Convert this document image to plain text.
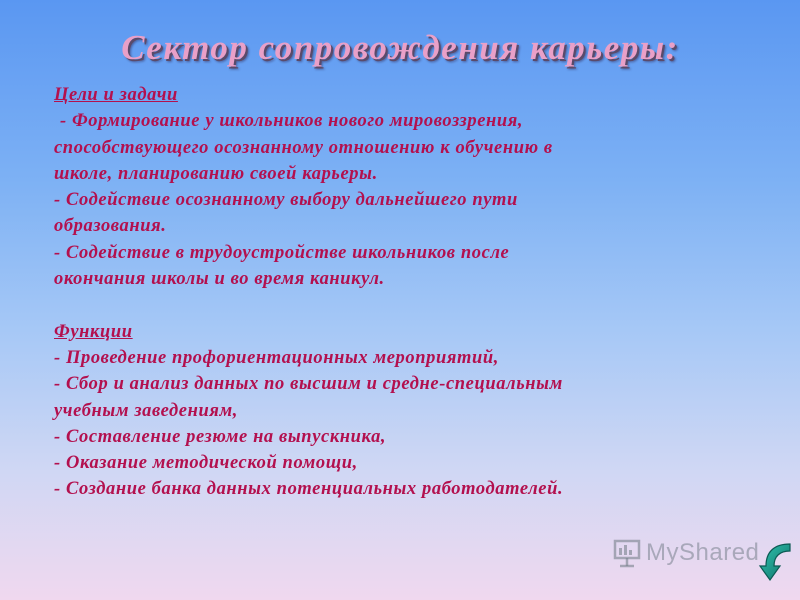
Сектор сопровождения карьеры:
Цели и задачи
- Формирование у школьников нового мировоззрения,
способствующего осознанному отношению к обучению в
школе, планированию своей карьеры.
- Содействие осознанному выбору дальнейшего пути
образования.
- Содействие в трудоустройстве школьников после
окончания школы и во время каникул.
Функции
- Проведение профориентационных мероприятий,
- Сбор и анализ данных по высшим и средне-специальным
учебным заведениям,
- Составление резюме на выпускника,
- Оказание методической помощи,
- Создание банка данных потенциальных работодателей.
MyShared
